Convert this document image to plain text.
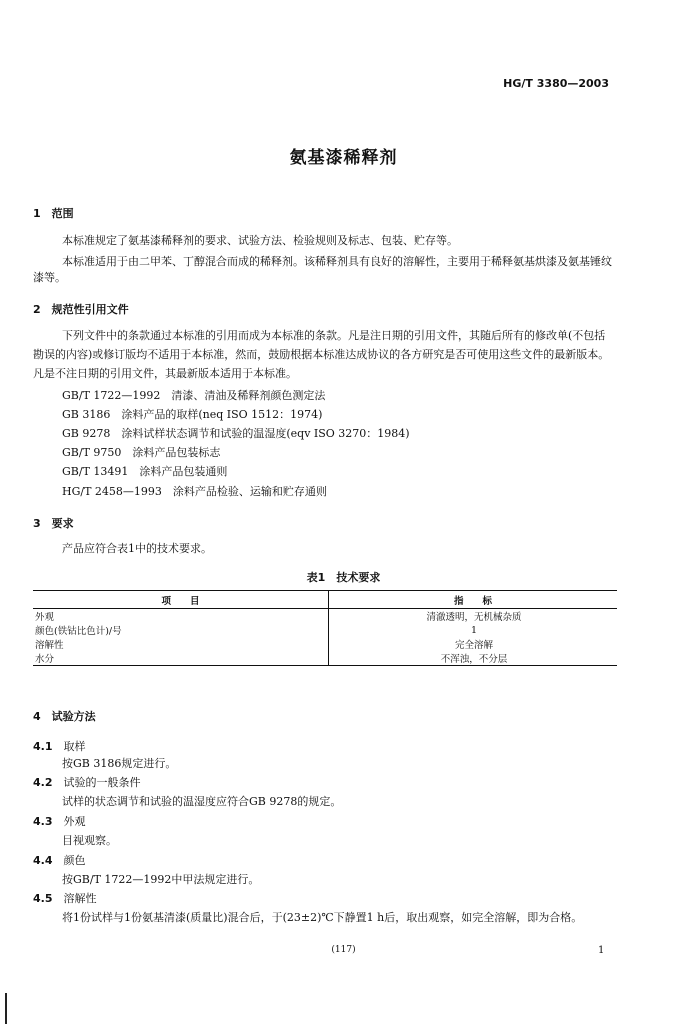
HG/T 3380—2003
氨基漆稀释剂
1　范围
本标准规定了氨基漆稀释剂的要求、试验方法、检验规则及标志、包装、贮存等。
本标准适用于由二甲苯、丁醇混合而成的稀释剂。该稀释剂具有良好的溶解性，主要用于稀释氨基烘漆及氨基锤纹漆等。
2　规范性引用文件
下列文件中的条款通过本标准的引用而成为本标准的条款。凡是注日期的引用文件，其随后所有的修改单(不包括勘误的内容)或修订版均不适用于本标准，然而，鼓励根据本标准达成协议的各方研究是否可使用这些文件的最新版本。凡是不注日期的引用文件，其最新版本适用于本标准。
GB/T 1722—1992　清漆、清油及稀释剂颜色测定法
GB 3186　涂料产品的取样(neq ISO 1512：1974)
GB 9278　涂料试样状态调节和试验的温湿度(eqv ISO 3270：1984)
GB/T 9750　涂料产品包装标志
GB/T 13491　涂料产品包装通则
HG/T 2458—1993　涂料产品检验、运输和贮存通则
3　要求
产品应符合表1中的技术要求。
表1　技术要求
项　　目	指　　标
外观	清澈透明，无机械杂质
颜色(铁钴比色计)/号	1
溶解性	完全溶解
水分	不浑浊，不分层
4　试验方法
4.1　 取样
按GB 3186规定进行。
4.2　 试验的一般条件
试样的状态调节和试验的温湿度应符合GB 9278的规定。
4.3　 外观
目视观察。
4.4　 颜色
按GB/T 1722—1992中甲法规定进行。
4.5　 溶解性
将1份试样与1份氨基清漆(质量比)混合后，于(23±2)℃下静置1 h后，取出观察，如完全溶解，即为合格。
(117)	1
